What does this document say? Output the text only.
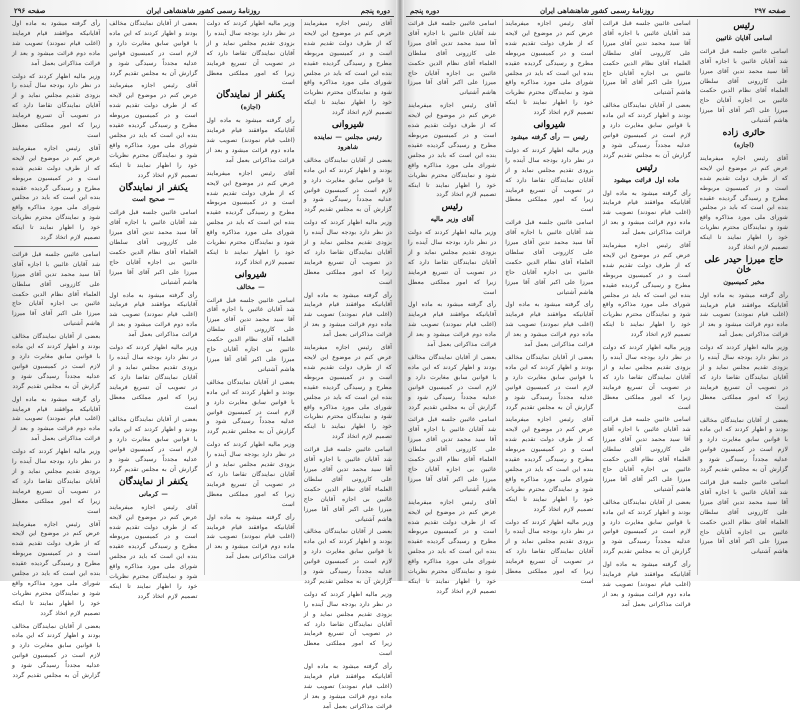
دوره پنجم
روزنامهٔ رسمی کشور شاهنشاهی ایران
صفحه ۲۹۶
آقای رئیس اجازه میفرمایند عرض کنم در موضوع این لایحه که از طرف دولت تقدیم شده است و در کمیسیون مربوطه مطرح و رسیدگی گردیده عقیده بنده این است که باید در مجلس شورای ملی مورد مذاکره واقع شود و نمایندگان محترم نظریات خود را اظهار نمایند تا اینکه تصمیم لازم اتخاذ گردد
شیروانی
رئیس مجلس — نماینده شاهرود
بعضی از آقایان نمایندگان مخالف بودند و اظهار کردند که این ماده با قوانین سابق مغایرت دارد و لازم است در کمیسیون قوانین عدلیه مجدداً رسیدگی شود و گزارش آن به مجلس تقدیم گردد
وزیر مالیه اظهار کردند که دولت در نظر دارد بودجه سال آینده را بزودی تقدیم مجلس نماید و از آقایان نمایندگان تقاضا دارد که در تصویب آن تسریع فرمایند زیرا که امور مملکتی معطل است
رأی گرفته میشود به ماده اول آقایانیکه موافقند قیام فرمایند (اغلب قیام نمودند) تصویب شد ماده دوم قرائت میشود و بعد از قرائت مذاکراتی بعمل آمد
آقای رئیس اجازه میفرمایند عرض کنم در موضوع این لایحه که از طرف دولت تقدیم شده است و در کمیسیون مربوطه مطرح و رسیدگی گردیده عقیده بنده این است که باید در مجلس شورای ملی مورد مذاکره واقع شود و نمایندگان محترم نظریات خود را اظهار نمایند تا اینکه تصمیم لازم اتخاذ گردد
اسامی غائبین جلسه قبل قرائت شد آقایان غائبین با اجازه آقای آقا سید محمد تدین آقای میرزا علی کازرونی آقای سلطان العلماء آقای نظام الدین حکمت غائبین بی اجازه آقایان حاج میرزا علی اکبر آقای آقا میرزا هاشم آشتیانی
بعضی از آقایان نمایندگان مخالف بودند و اظهار کردند که این ماده با قوانین سابق مغایرت دارد و لازم است در کمیسیون قوانین عدلیه مجدداً رسیدگی شود و گزارش آن به مجلس تقدیم گردد
وزیر مالیه اظهار کردند که دولت در نظر دارد بودجه سال آینده را بزودی تقدیم مجلس نماید و از آقایان نمایندگان تقاضا دارد که در تصویب آن تسریع فرمایند زیرا که امور مملکتی معطل است
رأی گرفته میشود به ماده اول آقایانیکه موافقند قیام فرمایند (اغلب قیام نمودند) تصویب شد ماده دوم قرائت میشود و بعد از قرائت مذاکراتی بعمل آمد
وزیر مالیه اظهار کردند که دولت در نظر دارد بودجه سال آینده را بزودی تقدیم مجلس نماید و از آقایان نمایندگان تقاضا دارد که در تصویب آن تسریع فرمایند زیرا که امور مملکتی معطل است
یکنفر از نمایندگان
(اجازه)
رأی گرفته میشود به ماده اول آقایانیکه موافقند قیام فرمایند (اغلب قیام نمودند) تصویب شد ماده دوم قرائت میشود و بعد از قرائت مذاکراتی بعمل آمد
آقای رئیس اجازه میفرمایند عرض کنم در موضوع این لایحه که از طرف دولت تقدیم شده است و در کمیسیون مربوطه مطرح و رسیدگی گردیده عقیده بنده این است که باید در مجلس شورای ملی مورد مذاکره واقع شود و نمایندگان محترم نظریات خود را اظهار نمایند تا اینکه تصمیم لازم اتخاذ گردد
شیروانی
— مخالف
اسامی غائبین جلسه قبل قرائت شد آقایان غائبین با اجازه آقای آقا سید محمد تدین آقای میرزا علی کازرونی آقای سلطان العلماء آقای نظام الدین حکمت غائبین بی اجازه آقایان حاج میرزا علی اکبر آقای آقا میرزا هاشم آشتیانی
بعضی از آقایان نمایندگان مخالف بودند و اظهار کردند که این ماده با قوانین سابق مغایرت دارد و لازم است در کمیسیون قوانین عدلیه مجدداً رسیدگی شود و گزارش آن به مجلس تقدیم گردد
وزیر مالیه اظهار کردند که دولت در نظر دارد بودجه سال آینده را بزودی تقدیم مجلس نماید و از آقایان نمایندگان تقاضا دارد که در تصویب آن تسریع فرمایند زیرا که امور مملکتی معطل است
رأی گرفته میشود به ماده اول آقایانیکه موافقند قیام فرمایند (اغلب قیام نمودند) تصویب شد ماده دوم قرائت میشود و بعد از قرائت مذاکراتی بعمل آمد
بعضی از آقایان نمایندگان مخالف بودند و اظهار کردند که این ماده با قوانین سابق مغایرت دارد و لازم است در کمیسیون قوانین عدلیه مجدداً رسیدگی شود و گزارش آن به مجلس تقدیم گردد
آقای رئیس اجازه میفرمایند عرض کنم در موضوع این لایحه که از طرف دولت تقدیم شده است و در کمیسیون مربوطه مطرح و رسیدگی گردیده عقیده بنده این است که باید در مجلس شورای ملی مورد مذاکره واقع شود و نمایندگان محترم نظریات خود را اظهار نمایند تا اینکه تصمیم لازم اتخاذ گردد
یکنفر از نمایندگان
— صحیح است
اسامی غائبین جلسه قبل قرائت شد آقایان غائبین با اجازه آقای آقا سید محمد تدین آقای میرزا علی کازرونی آقای سلطان العلماء آقای نظام الدین حکمت غائبین بی اجازه آقایان حاج میرزا علی اکبر آقای آقا میرزا هاشم آشتیانی
رأی گرفته میشود به ماده اول آقایانیکه موافقند قیام فرمایند (اغلب قیام نمودند) تصویب شد ماده دوم قرائت میشود و بعد از قرائت مذاکراتی بعمل آمد
وزیر مالیه اظهار کردند که دولت در نظر دارد بودجه سال آینده را بزودی تقدیم مجلس نماید و از آقایان نمایندگان تقاضا دارد که در تصویب آن تسریع فرمایند زیرا که امور مملکتی معطل است
بعضی از آقایان نمایندگان مخالف بودند و اظهار کردند که این ماده با قوانین سابق مغایرت دارد و لازم است در کمیسیون قوانین عدلیه مجدداً رسیدگی شود و گزارش آن به مجلس تقدیم گردد
یکنفر از نمایندگان
— کرمانی
آقای رئیس اجازه میفرمایند عرض کنم در موضوع این لایحه که از طرف دولت تقدیم شده است و در کمیسیون مربوطه مطرح و رسیدگی گردیده عقیده بنده این است که باید در مجلس شورای ملی مورد مذاکره واقع شود و نمایندگان محترم نظریات خود را اظهار نمایند تا اینکه تصمیم لازم اتخاذ گردد
رأی گرفته میشود به ماده اول آقایانیکه موافقند قیام فرمایند (اغلب قیام نمودند) تصویب شد ماده دوم قرائت میشود و بعد از قرائت مذاکراتی بعمل آمد
وزیر مالیه اظهار کردند که دولت در نظر دارد بودجه سال آینده را بزودی تقدیم مجلس نماید و از آقایان نمایندگان تقاضا دارد که در تصویب آن تسریع فرمایند زیرا که امور مملکتی معطل است
آقای رئیس اجازه میفرمایند عرض کنم در موضوع این لایحه که از طرف دولت تقدیم شده است و در کمیسیون مربوطه مطرح و رسیدگی گردیده عقیده بنده این است که باید در مجلس شورای ملی مورد مذاکره واقع شود و نمایندگان محترم نظریات خود را اظهار نمایند تا اینکه تصمیم لازم اتخاذ گردد
اسامی غائبین جلسه قبل قرائت شد آقایان غائبین با اجازه آقای آقا سید محمد تدین آقای میرزا علی کازرونی آقای سلطان العلماء آقای نظام الدین حکمت غائبین بی اجازه آقایان حاج میرزا علی اکبر آقای آقا میرزا هاشم آشتیانی
بعضی از آقایان نمایندگان مخالف بودند و اظهار کردند که این ماده با قوانین سابق مغایرت دارد و لازم است در کمیسیون قوانین عدلیه مجدداً رسیدگی شود و گزارش آن به مجلس تقدیم گردد
رأی گرفته میشود به ماده اول آقایانیکه موافقند قیام فرمایند (اغلب قیام نمودند) تصویب شد ماده دوم قرائت میشود و بعد از قرائت مذاکراتی بعمل آمد
وزیر مالیه اظهار کردند که دولت در نظر دارد بودجه سال آینده را بزودی تقدیم مجلس نماید و از آقایان نمایندگان تقاضا دارد که در تصویب آن تسریع فرمایند زیرا که امور مملکتی معطل است
آقای رئیس اجازه میفرمایند عرض کنم در موضوع این لایحه که از طرف دولت تقدیم شده است و در کمیسیون مربوطه مطرح و رسیدگی گردیده عقیده بنده این است که باید در مجلس شورای ملی مورد مذاکره واقع شود و نمایندگان محترم نظریات خود را اظهار نمایند تا اینکه تصمیم لازم اتخاذ گردد
بعضی از آقایان نمایندگان مخالف بودند و اظهار کردند که این ماده با قوانین سابق مغایرت دارد و لازم است در کمیسیون قوانین عدلیه مجدداً رسیدگی شود و گزارش آن به مجلس تقدیم گردد
صفحه ۲۹۷
روزنامهٔ رسمی کشور شاهنشاهی ایران
دوره پنجم
رئیس
اسامی آقایان غائبین
اسامی غائبین جلسه قبل قرائت شد آقایان غائبین با اجازه آقای آقا سید محمد تدین آقای میرزا علی کازرونی آقای سلطان العلماء آقای نظام الدین حکمت غائبین بی اجازه آقایان حاج میرزا علی اکبر آقای آقا میرزا هاشم آشتیانی
حائری زاده
(اجازه)
آقای رئیس اجازه میفرمایند عرض کنم در موضوع این لایحه که از طرف دولت تقدیم شده است و در کمیسیون مربوطه مطرح و رسیدگی گردیده عقیده بنده این است که باید در مجلس شورای ملی مورد مذاکره واقع شود و نمایندگان محترم نظریات خود را اظهار نمایند تا اینکه تصمیم لازم اتخاذ گردد
حاج میرزا حیدر علی خان
مخبر کمیسیون
رأی گرفته میشود به ماده اول آقایانیکه موافقند قیام فرمایند (اغلب قیام نمودند) تصویب شد ماده دوم قرائت میشود و بعد از قرائت مذاکراتی بعمل آمد
وزیر مالیه اظهار کردند که دولت در نظر دارد بودجه سال آینده را بزودی تقدیم مجلس نماید و از آقایان نمایندگان تقاضا دارد که در تصویب آن تسریع فرمایند زیرا که امور مملکتی معطل است
بعضی از آقایان نمایندگان مخالف بودند و اظهار کردند که این ماده با قوانین سابق مغایرت دارد و لازم است در کمیسیون قوانین عدلیه مجدداً رسیدگی شود و گزارش آن به مجلس تقدیم گردد
اسامی غائبین جلسه قبل قرائت شد آقایان غائبین با اجازه آقای آقا سید محمد تدین آقای میرزا علی کازرونی آقای سلطان العلماء آقای نظام الدین حکمت غائبین بی اجازه آقایان حاج میرزا علی اکبر آقای آقا میرزا هاشم آشتیانی
اسامی غائبین جلسه قبل قرائت شد آقایان غائبین با اجازه آقای آقا سید محمد تدین آقای میرزا علی کازرونی آقای سلطان العلماء آقای نظام الدین حکمت غائبین بی اجازه آقایان حاج میرزا علی اکبر آقای آقا میرزا هاشم آشتیانی
بعضی از آقایان نمایندگان مخالف بودند و اظهار کردند که این ماده با قوانین سابق مغایرت دارد و لازم است در کمیسیون قوانین عدلیه مجدداً رسیدگی شود و گزارش آن به مجلس تقدیم گردد
رئیس
ماده اول قرائت میشود
رأی گرفته میشود به ماده اول آقایانیکه موافقند قیام فرمایند (اغلب قیام نمودند) تصویب شد ماده دوم قرائت میشود و بعد از قرائت مذاکراتی بعمل آمد
آقای رئیس اجازه میفرمایند عرض کنم در موضوع این لایحه که از طرف دولت تقدیم شده است و در کمیسیون مربوطه مطرح و رسیدگی گردیده عقیده بنده این است که باید در مجلس شورای ملی مورد مذاکره واقع شود و نمایندگان محترم نظریات خود را اظهار نمایند تا اینکه تصمیم لازم اتخاذ گردد
وزیر مالیه اظهار کردند که دولت در نظر دارد بودجه سال آینده را بزودی تقدیم مجلس نماید و از آقایان نمایندگان تقاضا دارد که در تصویب آن تسریع فرمایند زیرا که امور مملکتی معطل است
اسامی غائبین جلسه قبل قرائت شد آقایان غائبین با اجازه آقای آقا سید محمد تدین آقای میرزا علی کازرونی آقای سلطان العلماء آقای نظام الدین حکمت غائبین بی اجازه آقایان حاج میرزا علی اکبر آقای آقا میرزا هاشم آشتیانی
بعضی از آقایان نمایندگان مخالف بودند و اظهار کردند که این ماده با قوانین سابق مغایرت دارد و لازم است در کمیسیون قوانین عدلیه مجدداً رسیدگی شود و گزارش آن به مجلس تقدیم گردد
رأی گرفته میشود به ماده اول آقایانیکه موافقند قیام فرمایند (اغلب قیام نمودند) تصویب شد ماده دوم قرائت میشود و بعد از قرائت مذاکراتی بعمل آمد
آقای رئیس اجازه میفرمایند عرض کنم در موضوع این لایحه که از طرف دولت تقدیم شده است و در کمیسیون مربوطه مطرح و رسیدگی گردیده عقیده بنده این است که باید در مجلس شورای ملی مورد مذاکره واقع شود و نمایندگان محترم نظریات خود را اظهار نمایند تا اینکه تصمیم لازم اتخاذ گردد
شیروانی
رئیس — رأی گرفته میشود
وزیر مالیه اظهار کردند که دولت در نظر دارد بودجه سال آینده را بزودی تقدیم مجلس نماید و از آقایان نمایندگان تقاضا دارد که در تصویب آن تسریع فرمایند زیرا که امور مملکتی معطل است
اسامی غائبین جلسه قبل قرائت شد آقایان غائبین با اجازه آقای آقا سید محمد تدین آقای میرزا علی کازرونی آقای سلطان العلماء آقای نظام الدین حکمت غائبین بی اجازه آقایان حاج میرزا علی اکبر آقای آقا میرزا هاشم آشتیانی
رأی گرفته میشود به ماده اول آقایانیکه موافقند قیام فرمایند (اغلب قیام نمودند) تصویب شد ماده دوم قرائت میشود و بعد از قرائت مذاکراتی بعمل آمد
بعضی از آقایان نمایندگان مخالف بودند و اظهار کردند که این ماده با قوانین سابق مغایرت دارد و لازم است در کمیسیون قوانین عدلیه مجدداً رسیدگی شود و گزارش آن به مجلس تقدیم گردد
آقای رئیس اجازه میفرمایند عرض کنم در موضوع این لایحه که از طرف دولت تقدیم شده است و در کمیسیون مربوطه مطرح و رسیدگی گردیده عقیده بنده این است که باید در مجلس شورای ملی مورد مذاکره واقع شود و نمایندگان محترم نظریات خود را اظهار نمایند تا اینکه تصمیم لازم اتخاذ گردد
وزیر مالیه اظهار کردند که دولت در نظر دارد بودجه سال آینده را بزودی تقدیم مجلس نماید و از آقایان نمایندگان تقاضا دارد که در تصویب آن تسریع فرمایند زیرا که امور مملکتی معطل است
اسامی غائبین جلسه قبل قرائت شد آقایان غائبین با اجازه آقای آقا سید محمد تدین آقای میرزا علی کازرونی آقای سلطان العلماء آقای نظام الدین حکمت غائبین بی اجازه آقایان حاج میرزا علی اکبر آقای آقا میرزا هاشم آشتیانی
آقای رئیس اجازه میفرمایند عرض کنم در موضوع این لایحه که از طرف دولت تقدیم شده است و در کمیسیون مربوطه مطرح و رسیدگی گردیده عقیده بنده این است که باید در مجلس شورای ملی مورد مذاکره واقع شود و نمایندگان محترم نظریات خود را اظهار نمایند تا اینکه تصمیم لازم اتخاذ گردد
رئیس
آقای وزیر مالیه
وزیر مالیه اظهار کردند که دولت در نظر دارد بودجه سال آینده را بزودی تقدیم مجلس نماید و از آقایان نمایندگان تقاضا دارد که در تصویب آن تسریع فرمایند زیرا که امور مملکتی معطل است
رأی گرفته میشود به ماده اول آقایانیکه موافقند قیام فرمایند (اغلب قیام نمودند) تصویب شد ماده دوم قرائت میشود و بعد از قرائت مذاکراتی بعمل آمد
بعضی از آقایان نمایندگان مخالف بودند و اظهار کردند که این ماده با قوانین سابق مغایرت دارد و لازم است در کمیسیون قوانین عدلیه مجدداً رسیدگی شود و گزارش آن به مجلس تقدیم گردد
اسامی غائبین جلسه قبل قرائت شد آقایان غائبین با اجازه آقای آقا سید محمد تدین آقای میرزا علی کازرونی آقای سلطان العلماء آقای نظام الدین حکمت غائبین بی اجازه آقایان حاج میرزا علی اکبر آقای آقا میرزا هاشم آشتیانی
آقای رئیس اجازه میفرمایند عرض کنم در موضوع این لایحه که از طرف دولت تقدیم شده است و در کمیسیون مربوطه مطرح و رسیدگی گردیده عقیده بنده این است که باید در مجلس شورای ملی مورد مذاکره واقع شود و نمایندگان محترم نظریات خود را اظهار نمایند تا اینکه تصمیم لازم اتخاذ گردد
